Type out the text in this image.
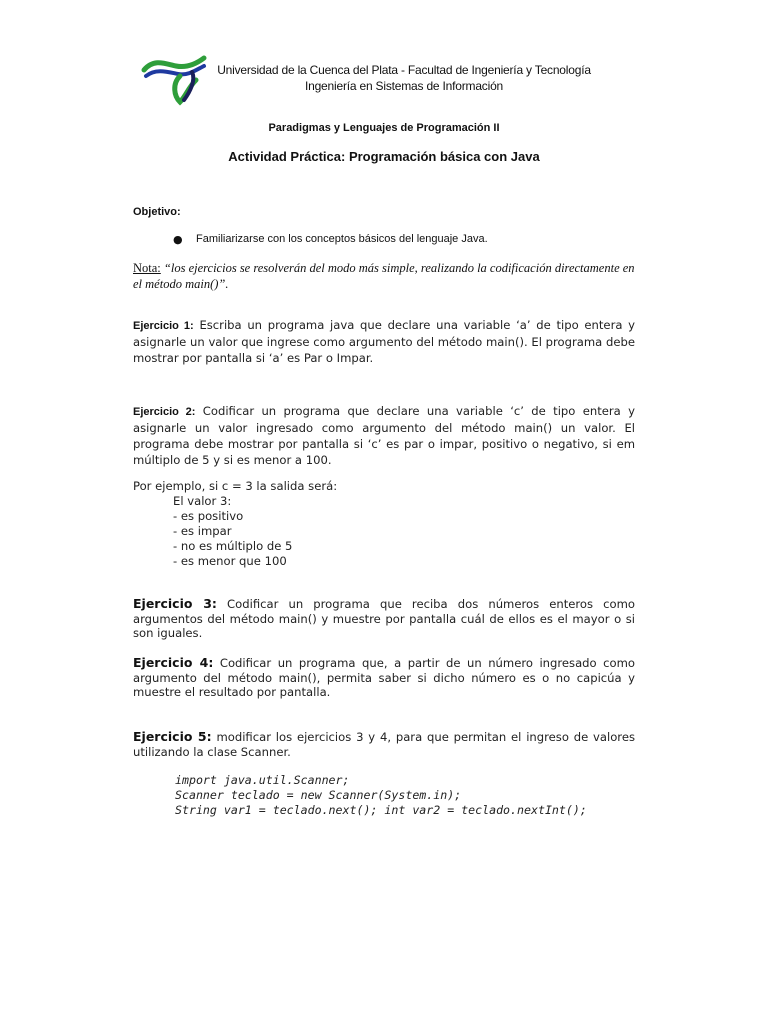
Universidad de la Cuenca del Plata - Facultad de Ingeniería y Tecnología
Ingeniería en Sistemas de Información
Paradigmas y Lenguajes de Programación II
Actividad Práctica: Programación básica con Java
Objetivo:
● Familiarizarse con los conceptos básicos del lenguaje Java.
Nota: “los ejercicios se resolverán del modo más simple, realizando la codificación directamente en el método main()”.
Ejercicio 1: Escriba un programa java que declare una variable ‘a’ de tipo entera y asignarle un valor que ingrese como argumento del método main(). El programa debe mostrar por pantalla si ‘a’ es Par o Impar.
Ejercicio 2: Codificar un programa que declare una variable ‘c’ de tipo entera y asignarle un valor ingresado como argumento del método main() un valor. El programa debe mostrar por pantalla si ‘c’ es par o impar, positivo o negativo, si em múltiplo de 5 y si es menor a 100.
Por ejemplo, si c = 3 la salida será:
El valor 3:
- es positivo
- es impar
- no es múltiplo de 5
- es menor que 100
Ejercicio 3: Codificar un programa que reciba dos números enteros como argumentos del método main() y muestre por pantalla cuál de ellos es el mayor o si son iguales.
Ejercicio 4: Codificar un programa que, a partir de un número ingresado como argumento del método main(), permita saber si dicho número es o no capicúa y muestre el resultado por pantalla.
Ejercicio 5: modificar los ejercicios 3 y 4, para que permitan el ingreso de valores utilizando la clase Scanner.
import java.util.Scanner;
Scanner teclado = new Scanner(System.in);
String var1 = teclado.next(); int var2 = teclado.nextInt();
